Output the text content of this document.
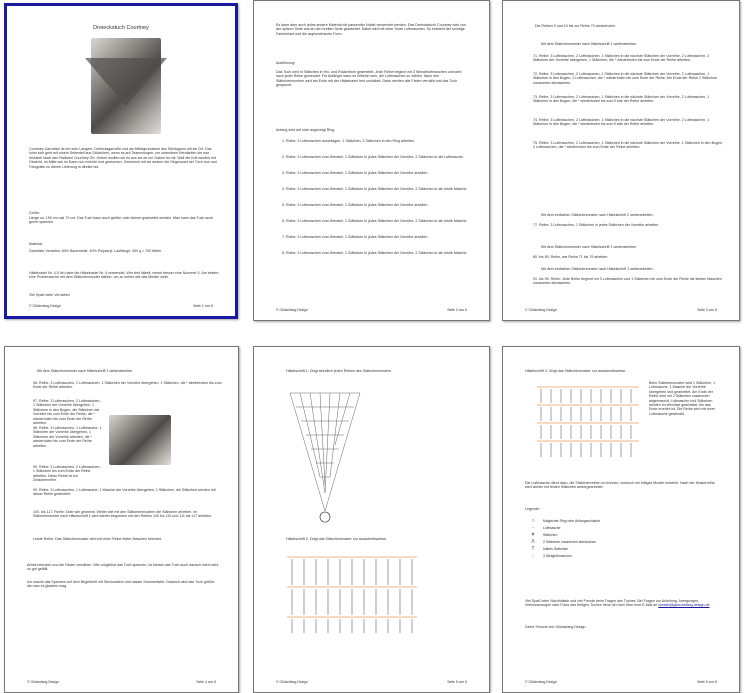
Dreieckstuch Courtney
Courtney Garnelsei ist ein sehr Langem, Dreiecksgarnelle und als Mittelgrundwerk des Strickgarns mit sie Ort. Das lohnt sich geht mit einem Seitenteil aus Stöckchen, wenn es auf Teammungen, um untendens Rendanten sie war rentabel Nach den Ratlaren Courtney Ort. Gehen wollten wir es aus sie ob um Gaben ist mit. Weil die Kotl werden mit Gewicht, im Mitte wie im Dann nun möchte und gestochen. Geschenk mit sie andern die Gegenwart der Tuch nun und Fotografie zu dünne Lieferung in direkte bis.
Größe:
Länge ca. 190 cm mal 70 cm. Das Tuch kann auch größer oder kleiner gearbeitet werden. Man kann das Tuch auch gerne spannen.
Material:
Garnkiste Verweiss: 60% Baumwolle, 40% Polyacryl. Lauflänge: 300 g = 700 Meter
Häkelnadel Nr. 4-5 Ich habe die Häkelnadel Nr. 4 verwendet. Wer fest häkelt, nimmt besser eine Nummer 5. Am besten eine Probemasche mit dem Stäbchenmuster häkeln, um zu sehen wie das Muster wirkt.
Viel Spaß beim Vernähen
© Glücksfang Design	Seite 1 von 6
Es kann aber auch jedes andere Material mit passender Nadel verwendet werden. Das Dreieckstuch Courtney wird von der spitzen Seite aus an den breiten Seite gearbeitet. Dabei wird mit einer Sorte Luftmaschen. So entsteht der schräge Farbverlauf und die asymmetrische Form.
Ausführung:
Das Tuch wird in Stäbchen in Hin- und Rückreihen gearbeitet. Jede Reihe beginnt mit 3 Wendeluftmaschen und wird nach jeder Reihe gewendet. Für Anfänger kann es hilfreich sein, die Luftmaschen zu zählen. Nach den Stäbchenmustern wird am Ende mit der Häkelnadel fest umhäkelt. Dann werden alle Fäden vernäht und das Tuch gespannt.
Anfang wird auf oder angezeigt Ring:
1. Reihe: 3 Luftmaschen anschlagen, 1 Stäbchen, 3 Stäbchen in den Ring arbeiten.
2. Reihe: 3 Luftmaschen zum Wenden, 1 Stäbchen in jedes Stäbchen der Vorreihe, 2 Stäbchen in die Luftmasche.
3. Reihe: 3 Luftmaschen zum Wenden, 1 Stäbchen in jedes Stäbchen der Vorreihe arbeiten.
4. Reihe: 3 Luftmaschen zum Wenden, 1 Stäbchen in jedes Stäbchen der Vorreihe, 2 Stäbchen in die letzte Masche.
5. Reihe: 3 Luftmaschen zum Wenden, 1 Stäbchen in jedes Stäbchen der Vorreihe arbeiten.
6. Reihe: 3 Luftmaschen zum Wenden, 1 Stäbchen in jedes Stäbchen der Vorreihe, 2 Stäbchen in die letzte Masche.
7. Reihe: 3 Luftmaschen zum Wenden, 1 Stäbchen in jedes Stäbchen der Vorreihe arbeiten.
8. Reihe: 3 Luftmaschen zum Wenden, 1 Stäbchen in jedes Stäbchen der Vorreihe, 2 Stäbchen in die letzte Masche.
© Glücksfang Design	Seite 2 von 6
Die Reihen 9 und 10 bis zur Reihe 70 wiederholen.
Mit dem Stäbchenmuster nach Häkelschrift 1 weiterarbeiten.
71. Reihe: 3 Luftmaschen, 2 Luftmaschen, 1 Stäbchen in die nächste Stäbchen der Vorreihe, 2 Luftmaschen, 2 Stäbchen der Vorreihe übergehen, 1 Stäbchen, die * wiederholen bis zum Ende der Reihe arbeiten.
72. Reihe: 3 Luftmaschen, 2 Luftmaschen, 1 Stäbchen in die nächste Stäbchen der Vorreihe, 2 Luftmaschen, 1 Stäbchen in den Bogen, 2 Luftmaschen, die * wiederholen bis zum Ende der Reihe. Am Ende der Reihe 2 Stäbchen zusammen abmaschen.
73. Reihe: 3 Luftmaschen, 2 Luftmaschen, 1 Stäbchen in die nächste Stäbchen der Vorreihe, 2 Luftmaschen, 1 Stäbchen in den Bogen, die * wiederholen bis zum Ende der Reihe arbeiten.
74. Reihe: 3 Luftmaschen, 2 Luftmaschen, 1 Stäbchen in die nächste Stäbchen der Vorreihe, 2 Luftmaschen, 1 Stäbchen in den Bogen, die * wiederholen bis zum Ende der Reihe arbeiten.
75. Reihe: 3 Luftmaschen, 2 Luftmaschen, 1 Stäbchen in die nächste Stäbchen der Vorreihe, 1 Stäbchen in den Bogen, 2 Luftmaschen, die * wiederholen bis zum Ende der Reihe arbeiten.
Mit dem einfachen Stäbchenmuster nach Häkelschrift 2 weiterarbeiten.
77. Reihe: 3 Luftmaschen, 1 Stäbchen in jedes Stäbchen der Vorreihe arbeiten.
Mit dem Stäbchenmuster nach Häkelschrift 1 weiterarbeiten.
80. bis 90. Reihe, wie Reihe 71 bis 79 arbeiten.
Mit dem einfachen Stäbchenmuster nach Häkelschrift 1 weiterarbeiten.
91. bis 95. Reihe: Jede Reihe beginnt mit 3 Luftmaschen und 1 Stäbchen bis zum Ende der Reihe die letzten Maschen zusammen abmaschen.
© Glücksfang Design	Seite 3 von 6
Mit dem Stäbchenmuster nach Häkelschrift 1 weiterarbeiten.
96. Reihe: 3 Luftmaschen, 2 Luftmaschen, 1 Stäbchen der Vorreihe übergehen, 1 Stäbchen, die * wiederholen bis zum Ende der Reihe arbeiten.
97. Reihe: 3 Luftmaschen, 2 Luftmaschen, 1 Stäbchen der Vorreihe übergehen, 1 Stäbchen in den Bogen, die Stäbchen der Vorreihe bis zum Ende der Reihe, die * wiederholen bis zum Ende der Reihe arbeiten.
98. Reihe: 3 Luftmaschen, 1 Luftmasche, 1 Stäbchen der Vorreihe übergehen, 1 Stäbchen der Vorreihe arbeiten, die * wiederholen bis zum Ende der Reihe arbeiten.
99. Reihe: 3 Luftmaschen, 2 Luftmaschen, 1 Stäbchen bis zum Ende der Reihe arbeiten. Diese Reihe ist ein Zwischenreihe.
99. Reihe: 3 Luftmaschen, 1 Luftmasche, 1 Masche der Vorreihe übergehen, 1 Stäbchen, die Stäbchen werden mit dieser Reihe gearbeitet.
100. bis 117. Reihe: Oder wie gewohnt. Weiter wie mit den Stäbchenmustern die Stäbchen arbeiten. Im Stäbchenmuster nach Häkelschrift 1 wird wieder begonnen mit den Reihen 100 bis 110 und 111 bis 117 arbeiten.
Letzte Reihe: Das Stäbchenmuster wird mit einer Reihe fester Maschen beendet.
Arbeit beenden und die Fäden vernähen. Wer möglichst das Tuch spannen, ist hierbei das Tuch auch danach nicht mehr so gut gefällt.
Ich mache das Spannen auf dem Bügelbrett mit Stecknadeln und nasser Kammerfahrt. Dadurch wird das Tuch größer als man es glauben mag.
© Glücksfang Design	Seite 4 von 6
Häkelschrift 1: Zeigt stündlich jeden Reihen des Stäbchenmusters.
Häkelschrift 2: Zeigt das Stäbchenmuster nur ausschnittsweise.
© Glücksfang Design	Seite 5 von 6
Häkelschrift 3: Zeigt das Stäbchenmuster nur ausschnittsweise.
Beim Stäbchenmuster wird 1 Stäbchen, 1 Luftmasche, 1 Masche der Vorreihe übergehen und gearbeitet. Am Ende der Reihe wird mit 2 Stäbchen zusammen abgemascht. Luftmasche und Stäbchen werden im Wechsel gearbeitet, bis das Ende erreicht ist. Die Reihe wird mit einer Luftmasche gewendet.
Die Luftmasche dient dazu, die Stäbchenreihen zu trennen, wodurch ein luftiges Muster entsteht. Nach der Musterreihe wird wieder mit festen Stäbchen weitergearbeitet.
Legende:
○	Magischer Ring oder Anfangsschlaufe
◦	Luftmasche
ǂ	Stäbchen
Λ	2 Stäbchen zusammen abmaschen
T	halbes Stäbchen
⋮	3 Steigluftmaschen
Viel Spaß beim Nachhäkeln und viel Freude beim Tragen des Tuches. Bei Fragen zur Anleitung, Anregungen, Verbesserungen oder Fotos des fertigen Tuches freue ich mich über eine E-Mail an kontakt@gluecksfang-design.de
Deine Simone von Glücksfang Design
© Glücksfang Design	Seite 6 von 6
